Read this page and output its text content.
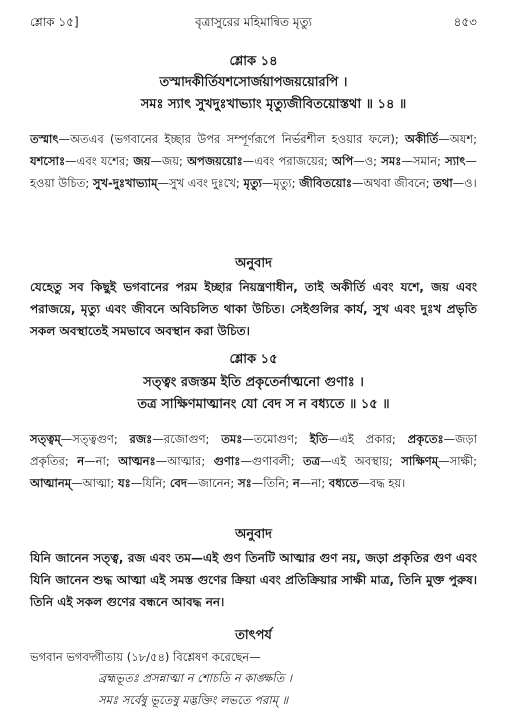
শ্লোক ১৫]	বৃত্রাসুরের মহিমান্বিত মৃত্যু	৪৫৩
শ্লোক ১৪
তস্মাদকীর্তিযশসোর্জয়াপজয়য়োরপি ।
সমঃ স্যাৎ সুখদুঃখাভ্যাং মৃত্যুজীবিতয়োস্তথা ॥ ১৪ ॥
তস্মাৎ—অতএব (ভগবানের ইচ্ছার উপর সম্পূর্ণরূপে নির্ভরশীল হওয়ার ফলে); অকীর্তি—অযশ; যশসোঃ—এবং যশের; জয়—জয়; অপজয়য়োঃ—এবং পরাজয়ের; অপি—ও; সমঃ—সমান; স্যাৎ—হওয়া উচিত; সুখ-দুঃখাভ্যাম্—সুখ এবং দুঃখে; মৃত্যু—মৃত্যু; জীবিতয়োঃ—অথবা জীবনে; তথা—ও।
অনুবাদ
যেহেতু সব কিছুই ভগবানের পরম ইচ্ছার নিয়ন্ত্রণাধীন, তাই অকীর্তি এবং যশে, জয় এবং পরাজয়ে, মৃত্যু এবং জীবনে অবিচলিত থাকা উচিত। সেইগুলির কার্য, সুখ এবং দুঃখ প্রভৃতি সকল অবস্থাতেই সমভাবে অবস্থান করা উচিত।
শ্লোক ১৫
সত্ত্বং রজস্তম ইতি প্রকৃতের্নাত্মনো গুণাঃ ।
তত্র সাক্ষিণমাত্মানং যো বেদ স ন বধ্যতে ॥ ১৫ ॥
সত্ত্বম্—সত্ত্বগুণ; রজঃ—রজোগুণ; তমঃ—তমোগুণ; ইতি—এই প্রকার; প্রকৃতেঃ—জড়া প্রকৃতির; ন—না; আত্মনঃ—আত্মার; গুণাঃ—গুণাবলী; তত্র—এই অবস্থায়; সাক্ষিণম্—সাক্ষী; আত্মানম্—আত্মা; যঃ—যিনি; বেদ—জানেন; সঃ—তিনি; ন—না; বধ্যতে—বদ্ধ হয়।
অনুবাদ
যিনি জানেন সত্ত্ব, রজ এবং তম—এই গুণ তিনটি আত্মার গুণ নয়, জড়া প্রকৃতির গুণ এবং যিনি জানেন শুদ্ধ আত্মা এই সমস্ত গুণের ক্রিয়া এবং প্রতিক্রিয়ার সাক্ষী মাত্র, তিনি মুক্ত পুরুষ। তিনি এই সকল গুণের বন্ধনে আবদ্ধ নন।
তাৎপর্য
ভগবান ভগবদ্গীতায় (১৮/৫৪) বিশ্লেষণ করেছেন—
ব্রহ্মভূতঃ প্রসন্নাত্মা ন শোচতি ন কাঙ্ক্ষতি ।
সমঃ সর্বেষু ভূতেষু মদ্ভক্তিং লভতে পরাম্ ॥
